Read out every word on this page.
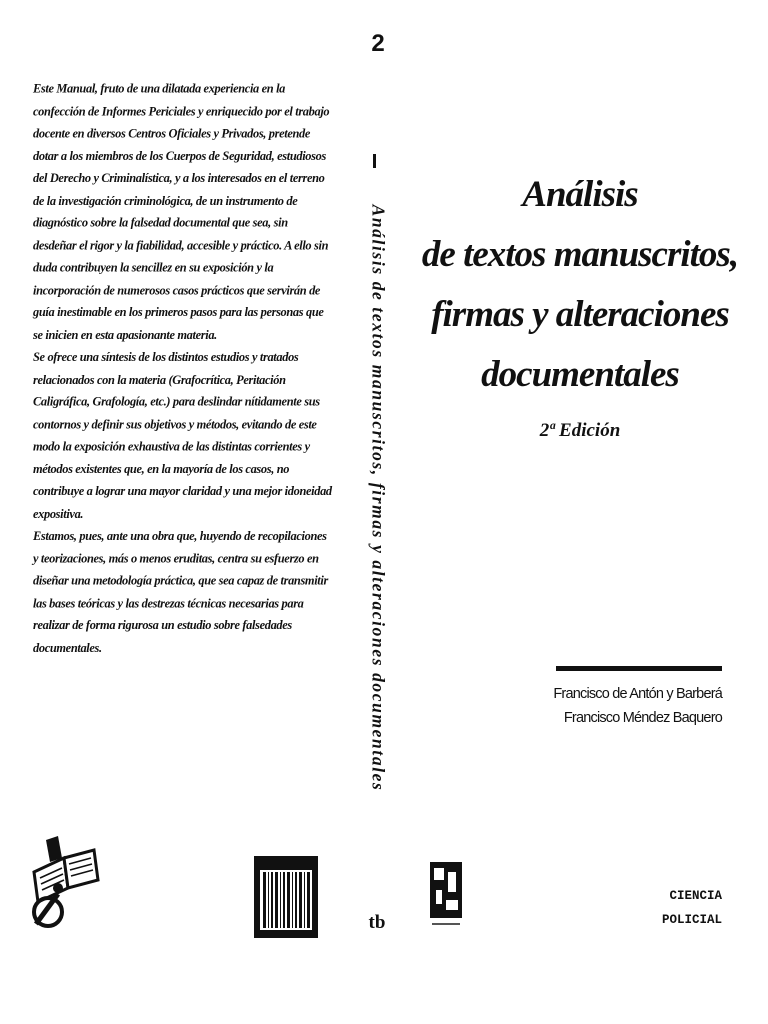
Este Manual, fruto de una dilatada experiencia en la confección de Informes Periciales y enriquecido por el trabajo docente en diversos Centros Oficiales y Privados, pretende dotar a los miembros de los Cuerpos de Seguridad, estudiosos del Derecho y Criminalística, y a los interesados en el terreno de la investigación criminológica, de un instrumento de diagnóstico sobre la falsedad documental que sea, sin desdeñar el rigor y la fiabilidad, accesible y práctico. A ello sin duda contribuyen la sencillez en su exposición y la incorporación de numerosos casos prácticos que servirán de guía inestimable en los primeros pasos para las personas que se inicien en esta apasionante materia.

Se ofrece una síntesis de los distintos estudios y tratados relacionados con la materia (Grafocrítica, Peritación Caligráfica, Grafología, etc.) para deslindar nítidamente sus contornos y definir sus objetivos y métodos, evitando de este modo la exposición exhaustiva de las distintas corrientes y métodos existentes que, en la mayoría de los casos, no contribuye a lograr una mayor claridad y una mejor idoneidad expositiva.

Estamos, pues, ante una obra que, huyendo de recopilaciones y teorizaciones, más o menos eruditas, centra su esfuerzo en diseñar una metodología práctica, que sea capaz de transmitir las bases teóricas y las destrezas técnicas necesarias para realizar de forma rigurosa un estudio sobre falsedades documentales.

2
Análisis de textos manuscritos, firmas y alteraciones documentales
tb
Análisis
de textos manuscritos,
firmas y alteraciones
documentales
2ª Edición
Francisco de Antón y Barberá
Francisco Méndez Baquero
CIENCIA
POLICIAL
